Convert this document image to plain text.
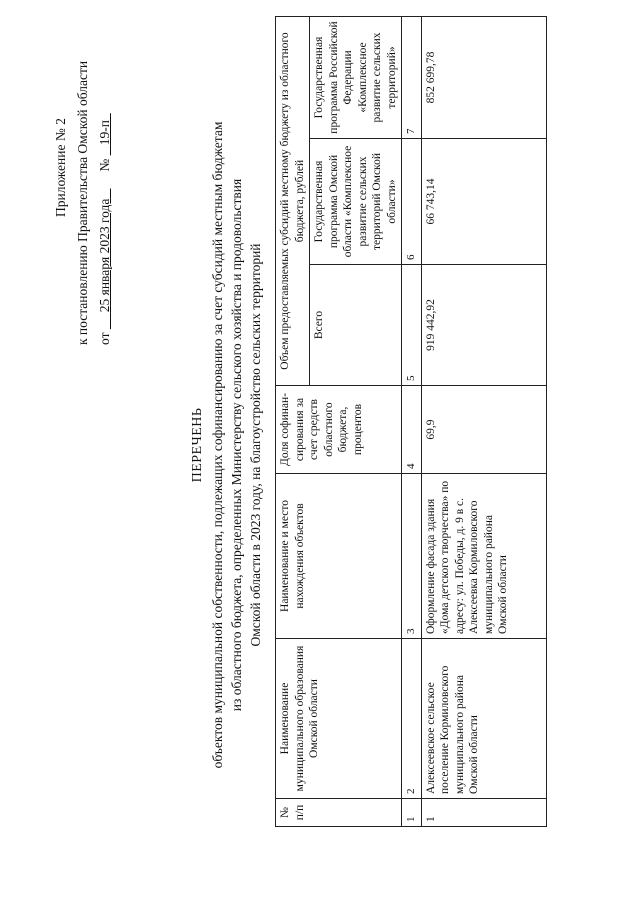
Приложение № 2 к постановлению Правительства Омской области от      25 января 2023 года        №    19-п
ПЕРЕЧЕНЬ объектов муниципальной собственности, подлежащих софинансированию за счет субсидий местным бюджетам из областного бюджета, определенных Министерству сельского хозяйства и продовольствия Омской области в 2023 году, на благоустройство сельских территорий
№ п/п	Наименование муниципального образования Омской области	Наименование и место нахождения объектов	Доля софинан-сирования за счет средств областного бюджета, процентов	Объем предоставляемых субсидий местному бюджету из областного бюджета, рублей		
				Всего	Государственная программа Омской области «Комплексное развитие сельских территорий Омской области»	Государственная программа Российской Федерации «Комплексное развитие сельских территорий»
1	2	3	4	5	6	7
1	Алексеевское сельское поселение Кормиловского муниципального района Омской области	Оформление фасада здания «Дома детского творчества» по адресу: ул. Победы, д. 9 в с. Алексеевка Кормиловского муниципального района Омской области	69,9	919 442,92	66 743,14	852 699,78
